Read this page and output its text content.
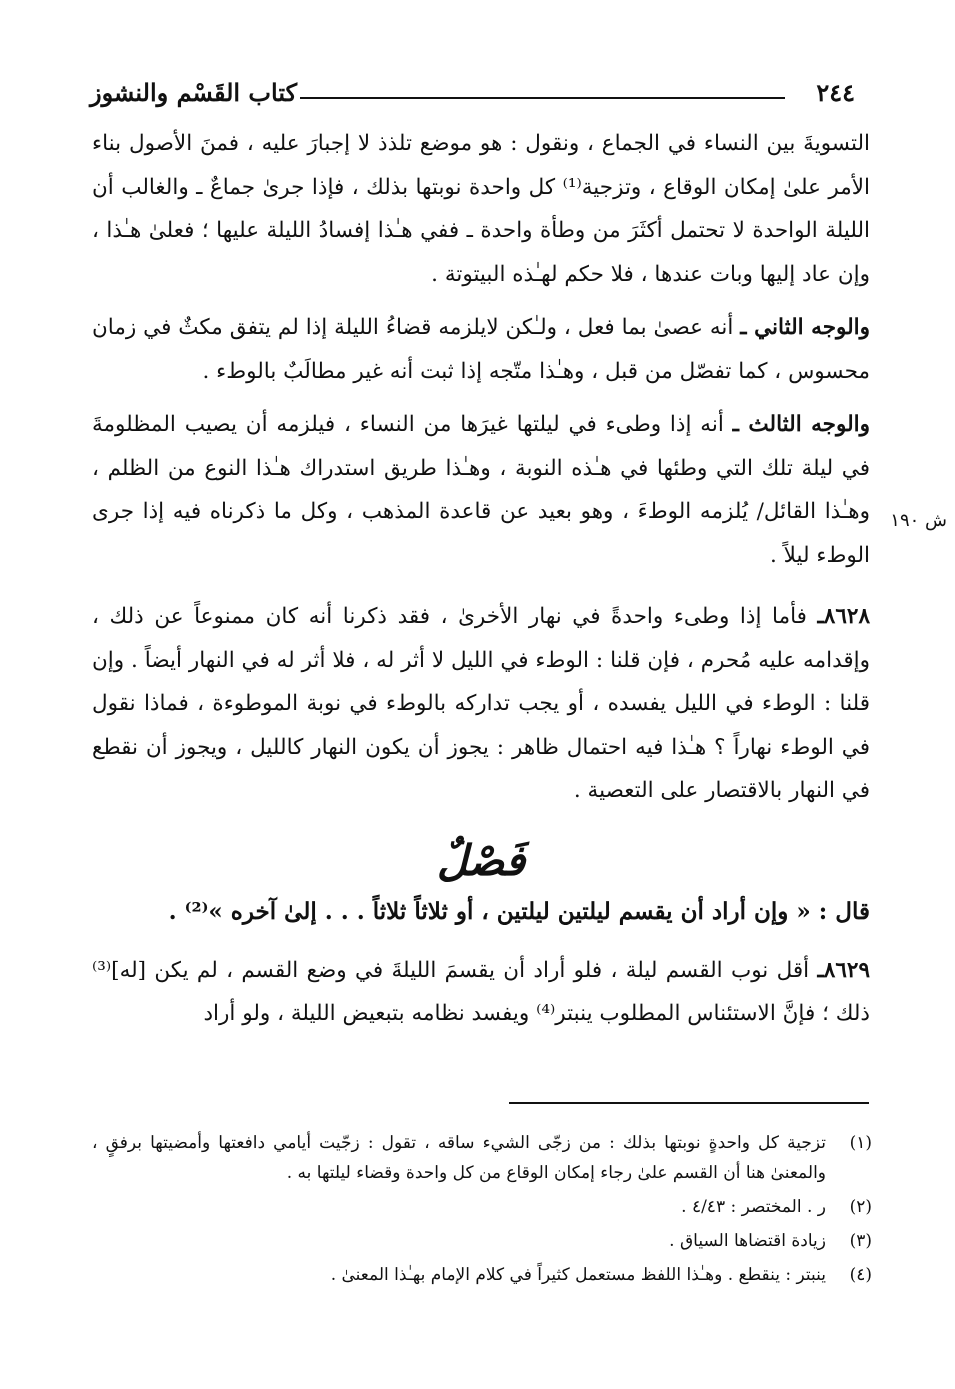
٢٤٤
كتاب القَسْم والنشوز
ش ١٩٠

التسويةَ بين النساء في الجماع ، ونقول : هو موضع تلذذ لا إجبارَ عليه ، فمنَ الأصول بناء الأمر علىٰ إمكان الوقاع ، وتزجية⁽¹⁾ كل واحدة نوبتها بذلك ، فإذا جرىٰ جماعٌ ـ والغالب أن الليلة الواحدة لا تحتمل أكثَرَ من وطأة واحدة ـ ففي هـٰذا إفسادُ الليلة عليها ؛ فعلىٰ هـٰذا ، وإن عاد إليها وبات عندها ، فلا حكم لهـٰذه البيتوتة .

والوجه الثاني ـ أنه عصىٰ بما فعل ، ولـٰكن لايلزمه قضاءُ الليلة إذا لم يتفق مكثٌ في زمان محسوس ، كما تفصّل من قبل ، وهـٰذا متّجه إذا ثبت أنه غير مطالَبٌ بالوطء .

والوجه الثالث ـ أنه إذا وطىء في ليلتها غيرَها من النساء ، فيلزمه أن يصيب المظلومةَ في ليلة تلك التي وطئها في هـٰذه النوبة ، وهـٰذا طريق استدراك هـٰذا النوع من الظلم ، وهـٰذا القائل/ يُلزمه الوطءَ ، وهو بعيد عن قاعدة المذهب ، وكل ما ذكرناه فيه إذا جرى الوطء ليلاً .

٨٦٢٨ـ فأما إذا وطىء واحدةً في نهار الأخرىٰ ، فقد ذكرنا أنه كان ممنوعاً عن ذلك ، وإقدامه عليه مُحرم ، فإن قلنا : الوطء في الليل لا أثر له ، فلا أثر له في النهار أيضاً . وإن قلنا : الوطء في الليل يفسده ، أو يجب تداركه بالوطء في نوبة الموطوءة ، فماذا نقول في الوطء نهاراً ؟ هـٰذا فيه احتمال ظاهر : يجوز أن يكون النهار كالليل ، ويجوز أن نقطع في النهار بالاقتصار على التعصية .

فَصْلٌ
قال : « وإن أراد أن يقسم ليلتين ليلتين ، أو ثلاثاً ثلاثاً . . . إلىٰ آخره »⁽²⁾ .

٨٦٢٩ـ أقل نوب القسم ليلة ، فلو أراد أن يقسمَ الليلةَ في وضع القسم ، لم يكن [له]⁽³⁾ ذلك ؛ فإنَّ الاستئناس المطلوب ينبتر⁽⁴⁾ ويفسد نظامه بتبعيض الليلة ، ولو أراد

(١)
تزجية كل واحدةٍ نوبتها بذلك : من زجّى الشيء ساقه ، تقول : زجّيت أيامي دافعتها وأمضيتها برفقٍ ، والمعنىٰ هنا أن القسم علىٰ رجاء إمكان الوقاع من كل واحدة وقضاء ليلتها به .
(٢)
ر . المختصر : ٤/٤٣ .
(٣)
زيادة اقتضاها السياق .
(٤)
ينبتر : ينقطع . وهـٰذا اللفظ مستعمل كثيراً في كلام الإمام بهـٰذا المعنىٰ .
